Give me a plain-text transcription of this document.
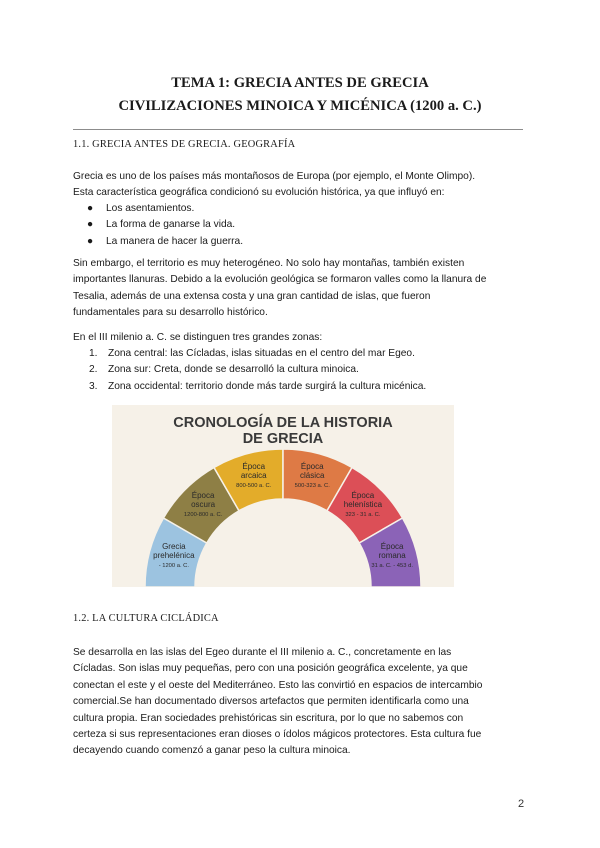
TEMA 1: GRECIA ANTES DE GRECIA
CIVILIZACIONES MINOICA Y MICÉNICA (1200 a. C.)
1.1. GRECIA ANTES DE GRECIA. GEOGRAFÍA

Grecia es uno de los países más montañosos de Europa (por ejemplo, el Monte Olimpo).

Esta característica geográfica condicionó su evolución histórica, ya que influyó en:

● Los asentamientos.
● La forma de ganarse la vida.
● La manera de hacer la guerra.

Sin embargo, el territorio es muy heterogéneo. No solo hay montañas, también existen

importantes llanuras. Debido a la evolución geológica se formaron valles como la llanura de

Tesalia, además de una extensa costa y una gran cantidad de islas, que fueron

fundamentales para su desarrollo histórico.

En el III milenio a. C. se distinguen tres grandes zonas:

1. Zona central: las Cícladas, islas situadas en el centro del mar Egeo.
2. Zona sur: Creta, donde se desarrolló la cultura minoica.
3. Zona occidental: territorio donde más tarde surgirá la cultura micénica.
CRONOLOGÍA DE LA HISTORIA
DE GRECIA
Grecia prehelénica - 1200 a. C.
Época oscura 1200-800 a. C.
Época arcaica 800-500 a. C.
Época clásica 500-323 a. C.
Época helenística 323 - 31 a. C.
Época romana 31 a. C. - 453 d.
1.2. LA CULTURA CICLÁDICA

Se desarrolla en las islas del Egeo durante el III milenio a. C., concretamente en las

Cícladas. Son islas muy pequeñas, pero con una posición geográfica excelente, ya que

conectan el este y el oeste del Mediterráneo. Esto las convirtió en espacios de intercambio

comercial.Se han documentado diversos artefactos que permiten identificarla como una

cultura propia. Eran sociedades prehistóricas sin escritura, por lo que no sabemos con

certeza si sus representaciones eran dioses o ídolos mágicos protectores. Esta cultura fue

decayendo cuando comenzó a ganar peso la cultura minoica.

2
